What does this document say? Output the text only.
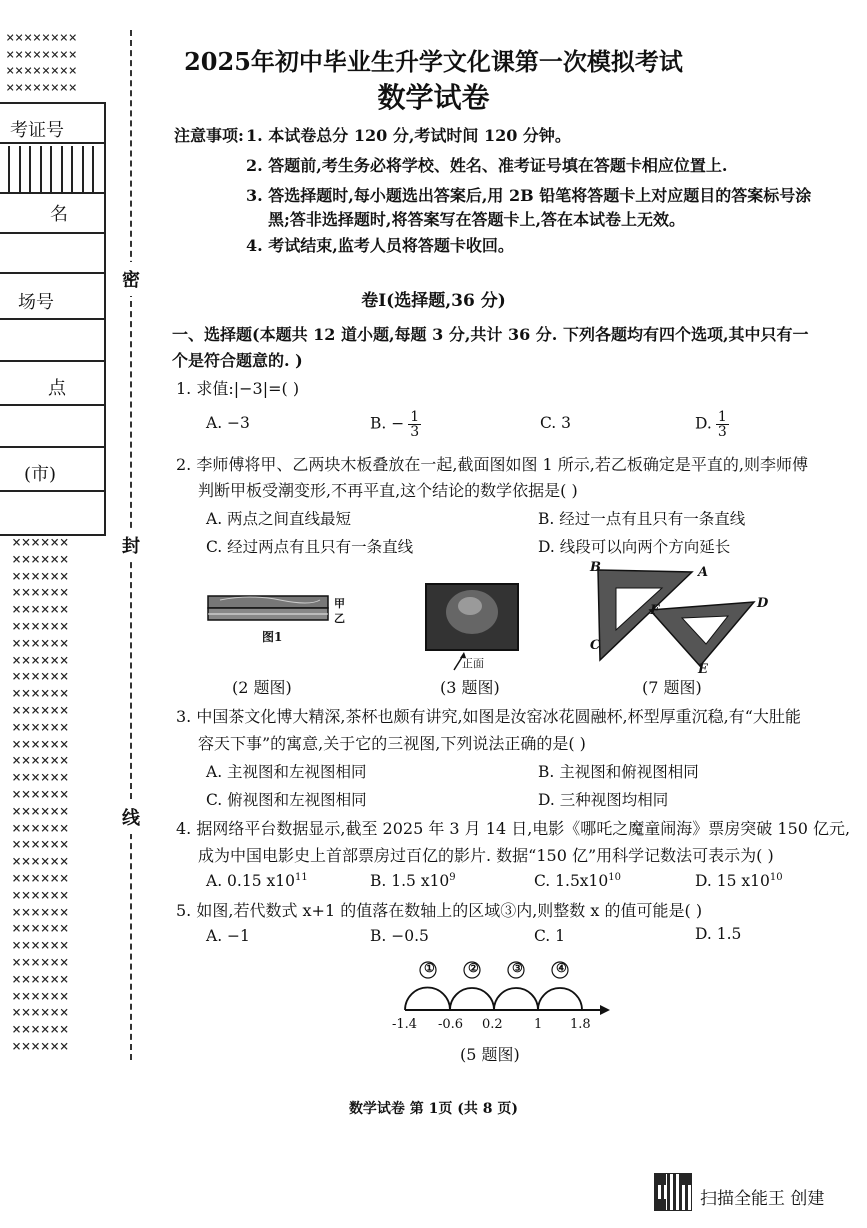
××××××××
××××××××
××××××××
××××××××
考证号
名
场号
点
(市)
××××××
××××××
××××××
××××××
××××××
××××××
××××××
××××××
××××××
××××××
××××××
××××××
××××××
××××××
××××××
××××××
××××××
××××××
××××××
××××××
××××××
××××××
××××××
××××××
××××××
××××××
××××××
××××××
××××××
××××××
××××××
密
封
线
2025年初中毕业生升学文化课第一次模拟考试
数学试卷
注意事项: 1. 本试卷总分 120 分,考试时间 120 分钟。
2. 答题前,考生务必将学校、姓名、准考证号填在答题卡相应位置上.
3. 答选择题时,每小题选出答案后,用 2B 铅笔将答题卡上对应题目的答案标号涂
黑;答非选择题时,将答案写在答题卡上,答在本试卷上无效。
4. 考试结束,监考人员将答题卡收回。
卷Ⅰ(选择题,36 分)
一、选择题(本题共 12 道小题,每题 3 分,共计 36 分. 下列各题均有四个选项,其中只有一
个是符合题意的. )
1. 求值:|−3|=( )
A. −3	B. − $\frac{1}{3}$	C. 3	D. $\frac{1}{3}$
2. 李师傅将甲、乙两块木板叠放在一起,截面图如图 1 所示,若乙板确定是平直的,则李师傅
判断甲板受潮变形,不再平直,这个结论的数学依据是( )
A. 两点之间直线最短	B. 经过一点有且只有一条直线
C. 经过两点有且只有一条直线	D. 线段可以向两个方向延长
甲
乙
图1
正面
B	A
F	D
C
E
(2 题图)	(3 题图)	(7 题图)
3. 中国茶文化博大精深,茶杯也颇有讲究,如图是汝窑冰花圆融杯,杯型厚重沉稳,有“大肚能
容天下事”的寓意,关于它的三视图,下列说法正确的是( )
A. 主视图和左视图相同	B. 主视图和俯视图相同
C. 俯视图和左视图相同	D. 三种视图均相同
4. 据网络平台数据显示,截至 2025 年 3 月 14 日,电影《哪吒之魔童闹海》票房突破 150 亿元,
成为中国电影史上首部票房过百亿的影片. 数据“150 亿”用科学记数法可表示为( )
A. 0.15 $x10^{11}$	B. 1.5 $x10^9$	C. $1.5x10^{10}$	D. 15 $x10^{10}$
5. 如图,若代数式 x+1 的值落在数轴上的区域③内,则整数 x 的值可能是( )
A. −1	B. −0.5	C. 1	D. 1.5
①	②	③	④
-1.4 -0.6 0.2 1 1.8
(5 题图)
数学试卷 第 1页 (共 8 页)
扫描全能王 创建
